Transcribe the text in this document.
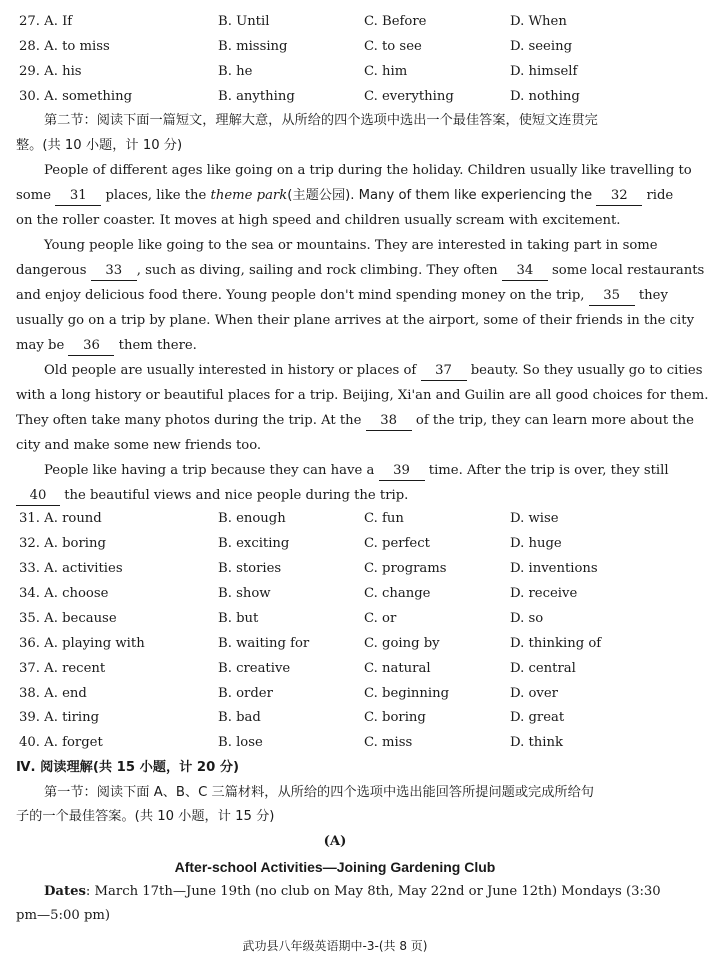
27. A. If	B. Until	C. Before	D. When
28. A. to miss	B. missing	C. to see	D. seeing
29. A. his	B. he	C. him	D. himself
30. A. something	B. anything	C. everything	D. nothing
第二节：阅读下面一篇短文，理解大意，从所给的四个选项中选出一个最佳答案，使短文连贯完
整。(共 10 小题，计 10 分)
People of different ages like going on a trip during the holiday. Children usually like travelling to
some 31 places, like the theme park(主题公园). Many of them like experiencing the 32 ride
on the roller coaster. It moves at high speed and children usually scream with excitement.
Young people like going to the sea or mountains. They are interested in taking part in some
dangerous 33 , such as diving, sailing and rock climbing. They often 34 some local restaurants
and enjoy delicious food there. Young people don't mind spending money on the trip, 35 they
usually go on a trip by plane. When their plane arrives at the airport, some of their friends in the city
may be 36 them there.
Old people are usually interested in history or places of 37 beauty. So they usually go to cities
with a long history or beautiful places for a trip. Beijing, Xi'an and Guilin are all good choices for them.
They often take many photos during the trip. At the 38 of the trip, they can learn more about the
city and make some new friends too.
People like having a trip because they can have a 39 time. After the trip is over, they still
40 the beautiful views and nice people during the trip.
31. A. round	B. enough	C. fun	D. wise
32. A. boring	B. exciting	C. perfect	D. huge
33. A. activities	B. stories	C. programs	D. inventions
34. A. choose	B. show	C. change	D. receive
35. A. because	B. but	C. or	D. so
36. A. playing with	B. waiting for	C. going by	D. thinking of
37. A. recent	B. creative	C. natural	D. central
38. A. end	B. order	C. beginning	D. over
39. A. tiring	B. bad	C. boring	D. great
40. A. forget	B. lose	C. miss	D. think
Ⅳ. 阅读理解(共 15 小题，计 20 分)
第一节：阅读下面 A、B、C 三篇材料，从所给的四个选项中选出能回答所提问题或完成所给句
子的一个最佳答案。(共 10 小题，计 15 分)
(A)
After-school Activities—Joining Gardening Club
Dates: March 17th—June 19th (no club on May 8th, May 22nd or June 12th) Mondays (3:30
pm—5:00 pm)
武功县八年级英语期中-3-(共 8 页)
